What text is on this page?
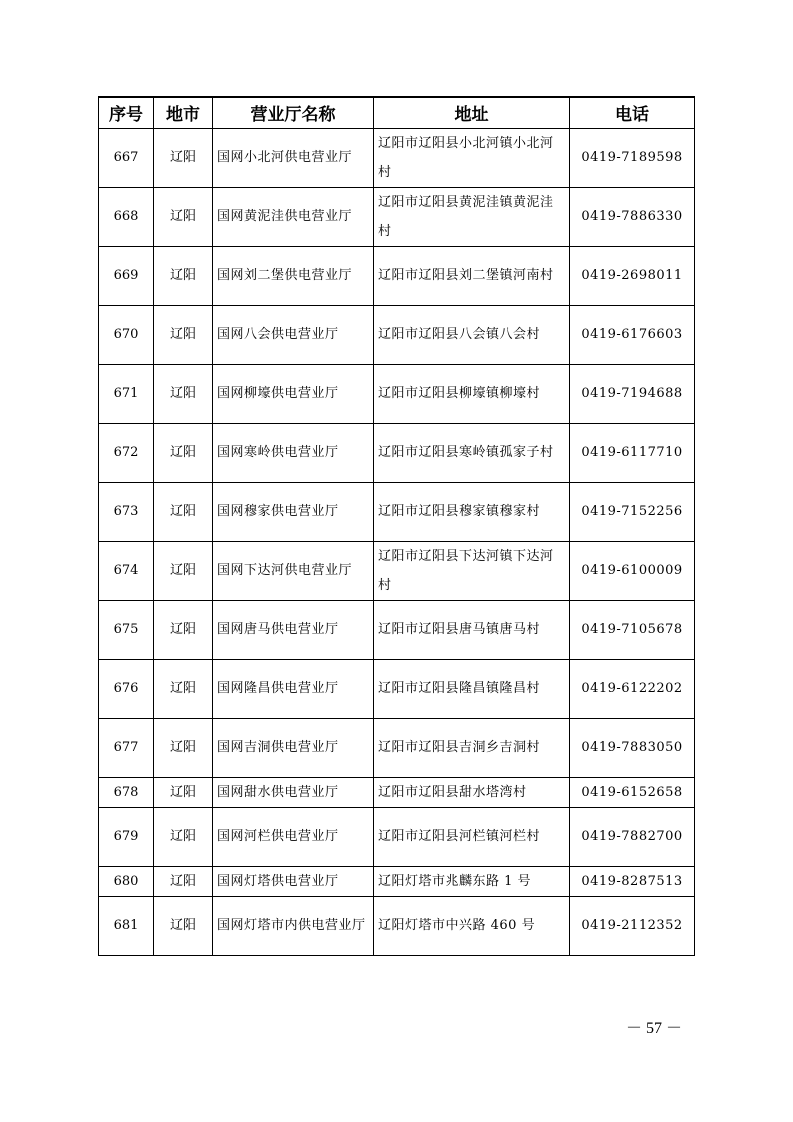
序号	地市	营业厅名称	地址	电话
667	辽阳	国网小北河供电营业厅	辽阳市辽阳县小北河镇小北河村	0419-7189598
668	辽阳	国网黄泥洼供电营业厅	辽阳市辽阳县黄泥洼镇黄泥洼村	0419-7886330
669	辽阳	国网刘二堡供电营业厅	辽阳市辽阳县刘二堡镇河南村	0419-2698011
670	辽阳	国网八会供电营业厅	辽阳市辽阳县八会镇八会村	0419-6176603
671	辽阳	国网柳壕供电营业厅	辽阳市辽阳县柳壕镇柳壕村	0419-7194688
672	辽阳	国网寒岭供电营业厅	辽阳市辽阳县寒岭镇孤家子村	0419-6117710
673	辽阳	国网穆家供电营业厅	辽阳市辽阳县穆家镇穆家村	0419-7152256
674	辽阳	国网下达河供电营业厅	辽阳市辽阳县下达河镇下达河村	0419-6100009
675	辽阳	国网唐马供电营业厅	辽阳市辽阳县唐马镇唐马村	0419-7105678
676	辽阳	国网隆昌供电营业厅	辽阳市辽阳县隆昌镇隆昌村	0419-6122202
677	辽阳	国网吉洞供电营业厅	辽阳市辽阳县吉洞乡吉洞村	0419-7883050
678	辽阳	国网甜水供电营业厅	辽阳市辽阳县甜水塔湾村	0419-6152658
679	辽阳	国网河栏供电营业厅	辽阳市辽阳县河栏镇河栏村	0419-7882700
680	辽阳	国网灯塔供电营业厅	辽阳灯塔市兆麟东路 1 号	0419-8287513
681	辽阳	国网灯塔市内供电营业厅	辽阳灯塔市中兴路 460 号	0419-2112352
－ 57 －
